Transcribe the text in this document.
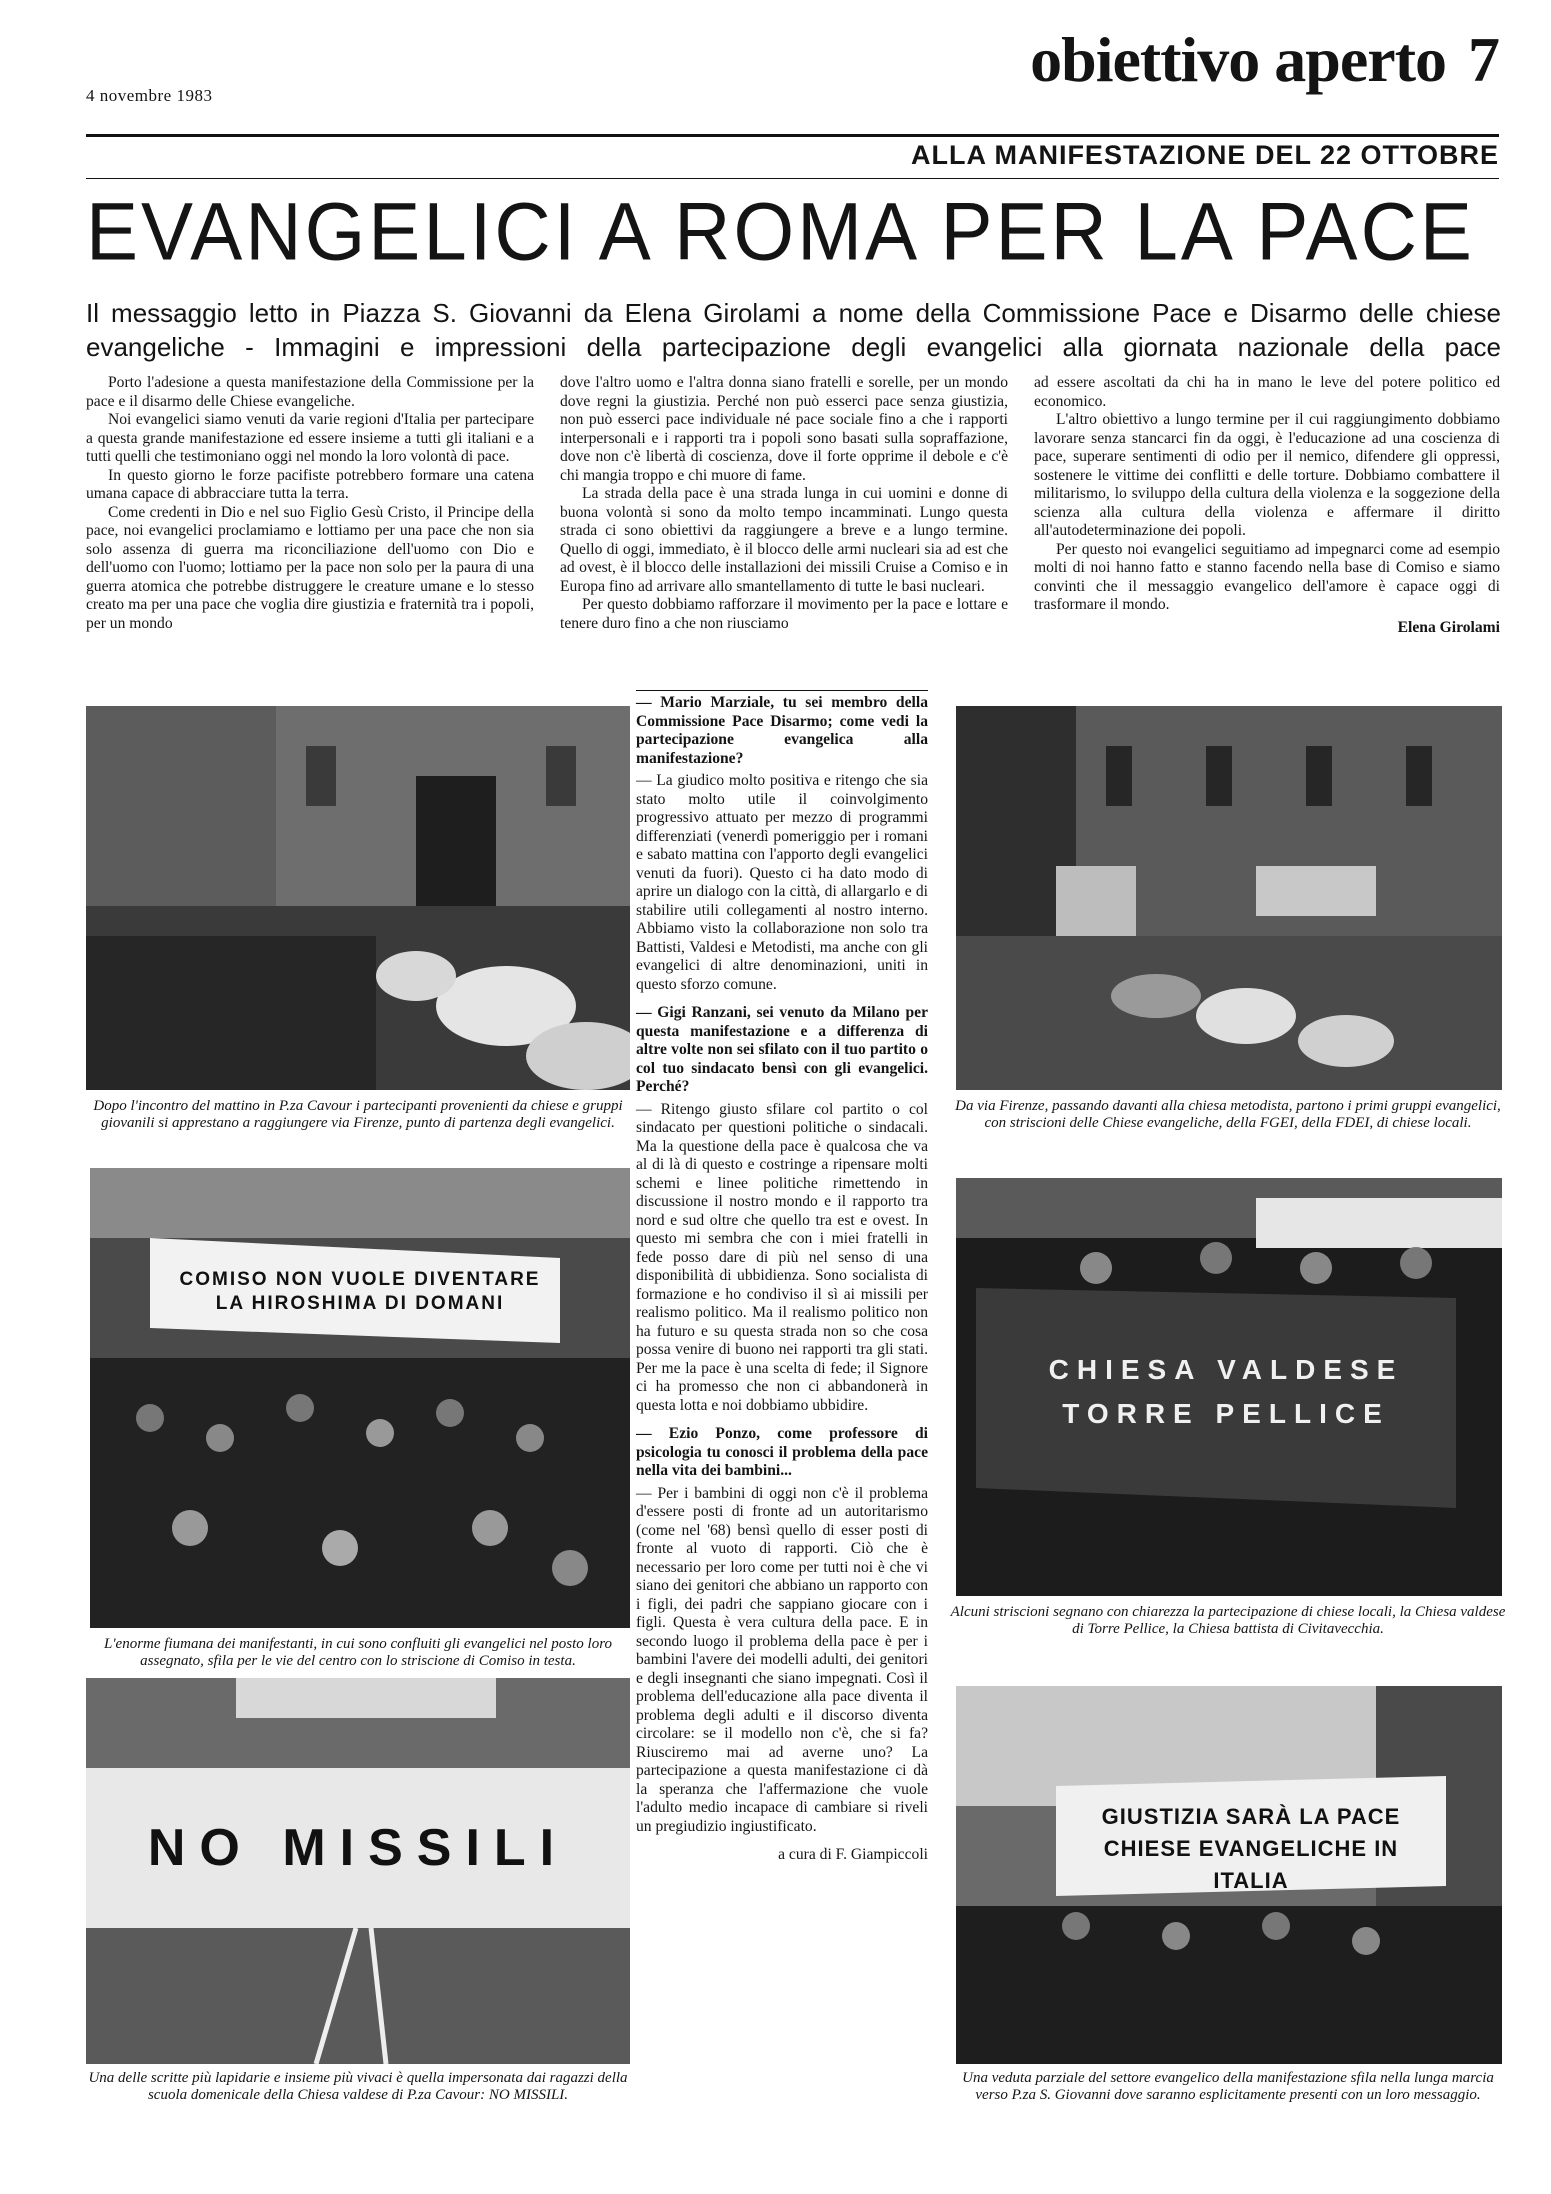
4 novembre 1983
obiettivo aperto 7
ALLA MANIFESTAZIONE DEL 22 OTTOBRE
EVANGELICI A ROMA PER LA PACE
Il messaggio letto in Piazza S. Giovanni da Elena Girolami a nome della Commissione Pace e Disarmo delle chiese evangeliche - Immagini e impressioni della partecipazione degli evangelici alla giornata nazionale della pace

Porto l'adesione a questa manifestazione della Commissione per la pace e il disarmo delle Chiese evangeliche.

Noi evangelici siamo venuti da varie regioni d'Italia per partecipare a questa grande manifestazione ed essere insieme a tutti gli italiani e a tutti quelli che testimoniano oggi nel mondo la loro volontà di pace.

In questo giorno le forze pacifiste potrebbero formare una catena umana capace di abbracciare tutta la terra.

Come credenti in Dio e nel suo Figlio Gesù Cristo, il Principe della pace, noi evangelici proclamiamo e lottiamo per una pace che non sia solo assenza di guerra ma riconciliazione dell'uomo con Dio e dell'uomo con l'uomo; lottiamo per la pace non solo per la paura di una guerra atomica che potrebbe distruggere le creature umane e lo stesso creato ma per una pace che voglia dire giustizia e fraternità tra i popoli, per un mondo

dove l'altro uomo e l'altra donna siano fratelli e sorelle, per un mondo dove regni la giustizia. Perché non può esserci pace senza giustizia, non può esserci pace individuale né pace sociale fino a che i rapporti interpersonali e i rapporti tra i popoli sono basati sulla sopraffazione, dove non c'è libertà di coscienza, dove il forte opprime il debole e c'è chi mangia troppo e chi muore di fame.

La strada della pace è una strada lunga in cui uomini e donne di buona volontà si sono da molto tempo incamminati. Lungo questa strada ci sono obiettivi da raggiungere a breve e a lungo termine. Quello di oggi, immediato, è il blocco delle armi nucleari sia ad est che ad ovest, è il blocco delle installazioni dei missili Cruise a Comiso e in Europa fino ad arrivare allo smantellamento di tutte le basi nucleari.

Per questo dobbiamo rafforzare il movimento per la pace e lottare e tenere duro fino a che non riusciamo

ad essere ascoltati da chi ha in mano le leve del potere politico ed economico.

L'altro obiettivo a lungo termine per il cui raggiungimento dobbiamo lavorare senza stancarci fin da oggi, è l'educazione ad una coscienza di pace, superare sentimenti di odio per il nemico, difendere gli oppressi, sostenere le vittime dei conflitti e delle torture. Dobbiamo combattere il militarismo, lo sviluppo della cultura della violenza e la soggezione della scienza alla cultura della violenza e affermare il diritto all'autodeterminazione dei popoli.

Per questo noi evangelici seguitiamo ad impegnarci come ad esempio molti di noi hanno fatto e stanno facendo nella base di Comiso e siamo convinti che il messaggio evangelico dell'amore è capace oggi di trasformare il mondo.

Elena Girolami
Dopo l'incontro del mattino in P.za Cavour i partecipanti provenienti da chiese e gruppi giovanili si apprestano a raggiungere via Firenze, punto di partenza degli evangelici.
Da via Firenze, passando davanti alla chiesa metodista, partono i primi gruppi evangelici, con striscioni delle Chiese evangeliche, della FGEI, della FDEI, di chiese locali.
COMISO NON VUOLE DIVENTARE LA HIROSHIMA DI DOMANI
L'enorme fiumana dei manifestanti, in cui sono confluiti gli evangelici nel posto loro assegnato, sfila per le vie del centro con lo striscione di Comiso in testa.
CHIESA VALDESE TORRE PELLICE
Alcuni striscioni segnano con chiarezza la partecipazione di chiese locali, la Chiesa valdese di Torre Pellice, la Chiesa battista di Civitavecchia.
NO MISSILI
Una delle scritte più lapidarie e insieme più vivaci è quella impersonata dai ragazzi della scuola domenicale della Chiesa valdese di P.za Cavour: NO MISSILI.
GIUSTIZIA SARÀ LA PACE CHIESE EVANGELICHE IN ITALIA
Una veduta parziale del settore evangelico della manifestazione sfila nella lunga marcia verso P.za S. Giovanni dove saranno esplicitamente presenti con un loro messaggio.

— Mario Marziale, tu sei membro della Commissione Pace Disarmo; come vedi la partecipazione evangelica alla manifestazione?

— La giudico molto positiva e ritengo che sia stato molto utile il coinvolgimento progressivo attuato per mezzo di programmi differenziati (venerdì pomeriggio per i romani e sabato mattina con l'apporto degli evangelici venuti da fuori). Questo ci ha dato modo di aprire un dialogo con la città, di allargarlo e di stabilire utili collegamenti al nostro interno. Abbiamo visto la collaborazione non solo tra Battisti, Valdesi e Metodisti, ma anche con gli evangelici di altre denominazioni, uniti in questo sforzo comune.

— Gigi Ranzani, sei venuto da Milano per questa manifestazione e a differenza di altre volte non sei sfilato con il tuo partito o col tuo sindacato bensì con gli evangelici. Perché?

— Ritengo giusto sfilare col partito o col sindacato per questioni politiche o sindacali. Ma la questione della pace è qualcosa che va al di là di questo e costringe a ripensare molti schemi e linee politiche rimettendo in discussione il nostro mondo e il rapporto tra nord e sud oltre che quello tra est e ovest. In questo mi sembra che con i miei fratelli in fede posso dare di più nel senso di una disponibilità di ubbidienza. Sono socialista di formazione e ho condiviso il sì ai missili per realismo politico. Ma il realismo politico non ha futuro e su questa strada non so che cosa possa venire di buono nei rapporti tra gli stati. Per me la pace è una scelta di fede; il Signore ci ha promesso che non ci abbandonerà in questa lotta e noi dobbiamo ubbidire.

— Ezio Ponzo, come professore di psicologia tu conosci il problema della pace nella vita dei bambini...

— Per i bambini di oggi non c'è il problema d'essere posti di fronte ad un autoritarismo (come nel '68) bensì quello di esser posti di fronte al vuoto di rapporti. Ciò che è necessario per loro come per tutti noi è che vi siano dei genitori che abbiano un rapporto con i figli, dei padri che sappiano giocare con i figli. Questa è vera cultura della pace. E in secondo luogo il problema della pace è per i bambini l'avere dei modelli adulti, dei genitori e degli insegnanti che siano impegnati. Così il problema dell'educazione alla pace diventa il problema degli adulti e il discorso diventa circolare: se il modello non c'è, che si fa? Riusciremo mai ad averne uno? La partecipazione a questa manifestazione ci dà la speranza che l'affermazione che vuole l'adulto medio incapace di cambiare si riveli un pregiudizio ingiustificato.

a cura di F. Giampiccoli
